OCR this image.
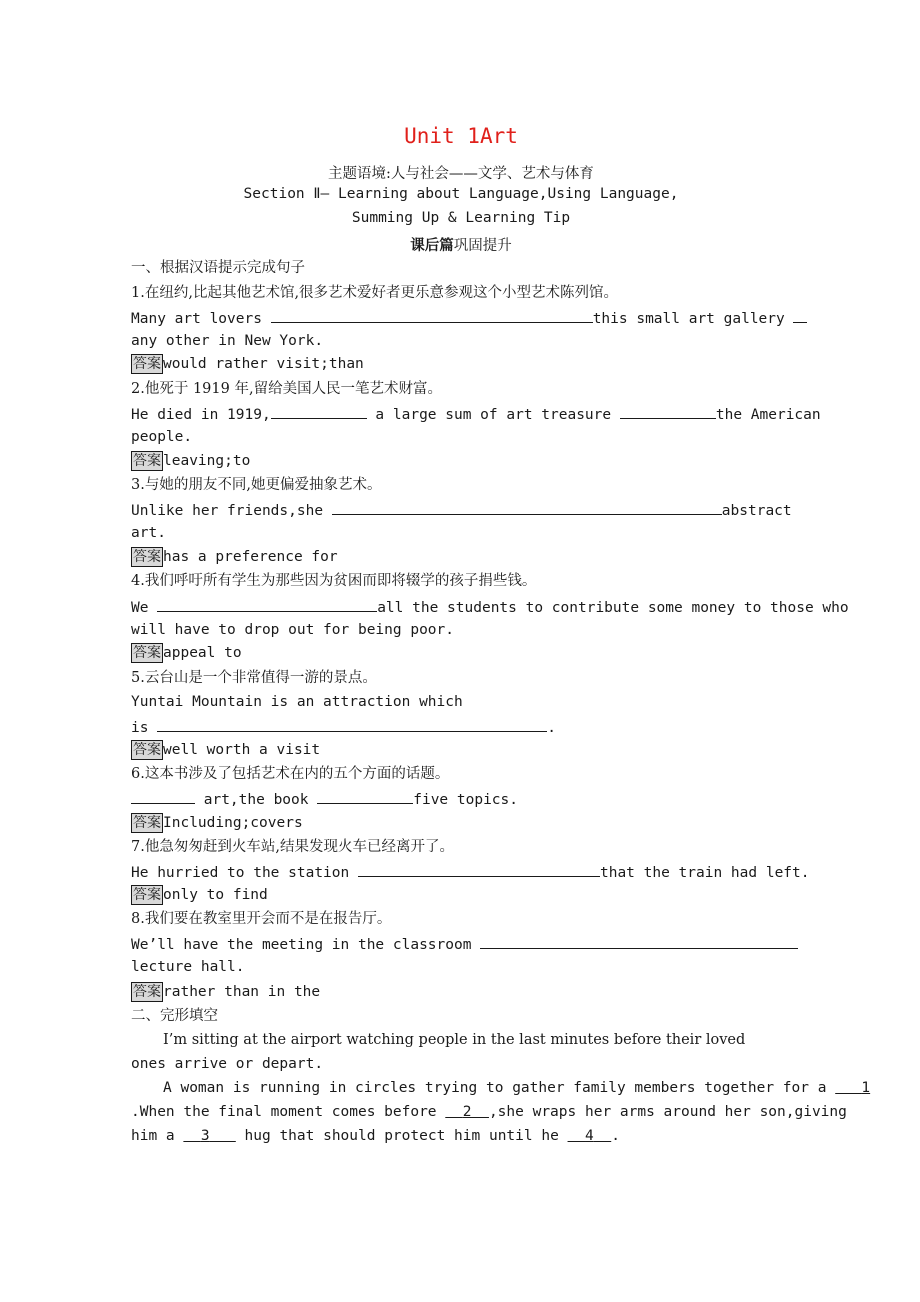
Unit 1Art
主题语境:人与社会——文学、艺术与体育
Section Ⅱ— Learning about Language,Using Language,
Summing Up & Learning Tip
课后篇巩固提升
一、根据汉语提示完成句子
1.在纽约,比起其他艺术馆,很多艺术爱好者更乐意参观这个小型艺术陈列馆。
Many art lovers	this small art gallery
any other in New York.
答案 would rather visit;than
2.他死于 1919 年,留给美国人民一笔艺术财富。
He died in 1919,	a large sum of art treasure	the American
people.
答案 leaving;to
3.与她的朋友不同,她更偏爱抽象艺术。
Unlike her friends,she	abstract
art.
答案 has a preference for
4.我们呼吁所有学生为那些因为贫困而即将辍学的孩子捐些钱。
We	all the students to contribute some money to those who
will have to drop out for being poor.
答案 appeal to
5.云台山是一个非常值得一游的景点。
Yuntai Mountain is an attraction which
is	.
答案 well worth a visit
6.这本书涉及了包括艺术在内的五个方面的话题。
art,the book	five topics.
答案 Including;covers
7.他急匆匆赶到火车站,结果发现火车已经离开了。
He hurried to the station	that the train had left.
答案 only to find
8.我们要在教室里开会而不是在报告厅。
We’ll have the meeting in the classroom
lecture hall.
答案 rather than in the
二、完形填空
I’m sitting at the airport watching people in the last minutes before their loved
ones arrive or depart.
A woman is running in circles trying to gather family members together for a 1
.When the final moment comes before 2 ,she wraps her arms around her son,giving
him a 3 hug that should protect him until he 4 .
